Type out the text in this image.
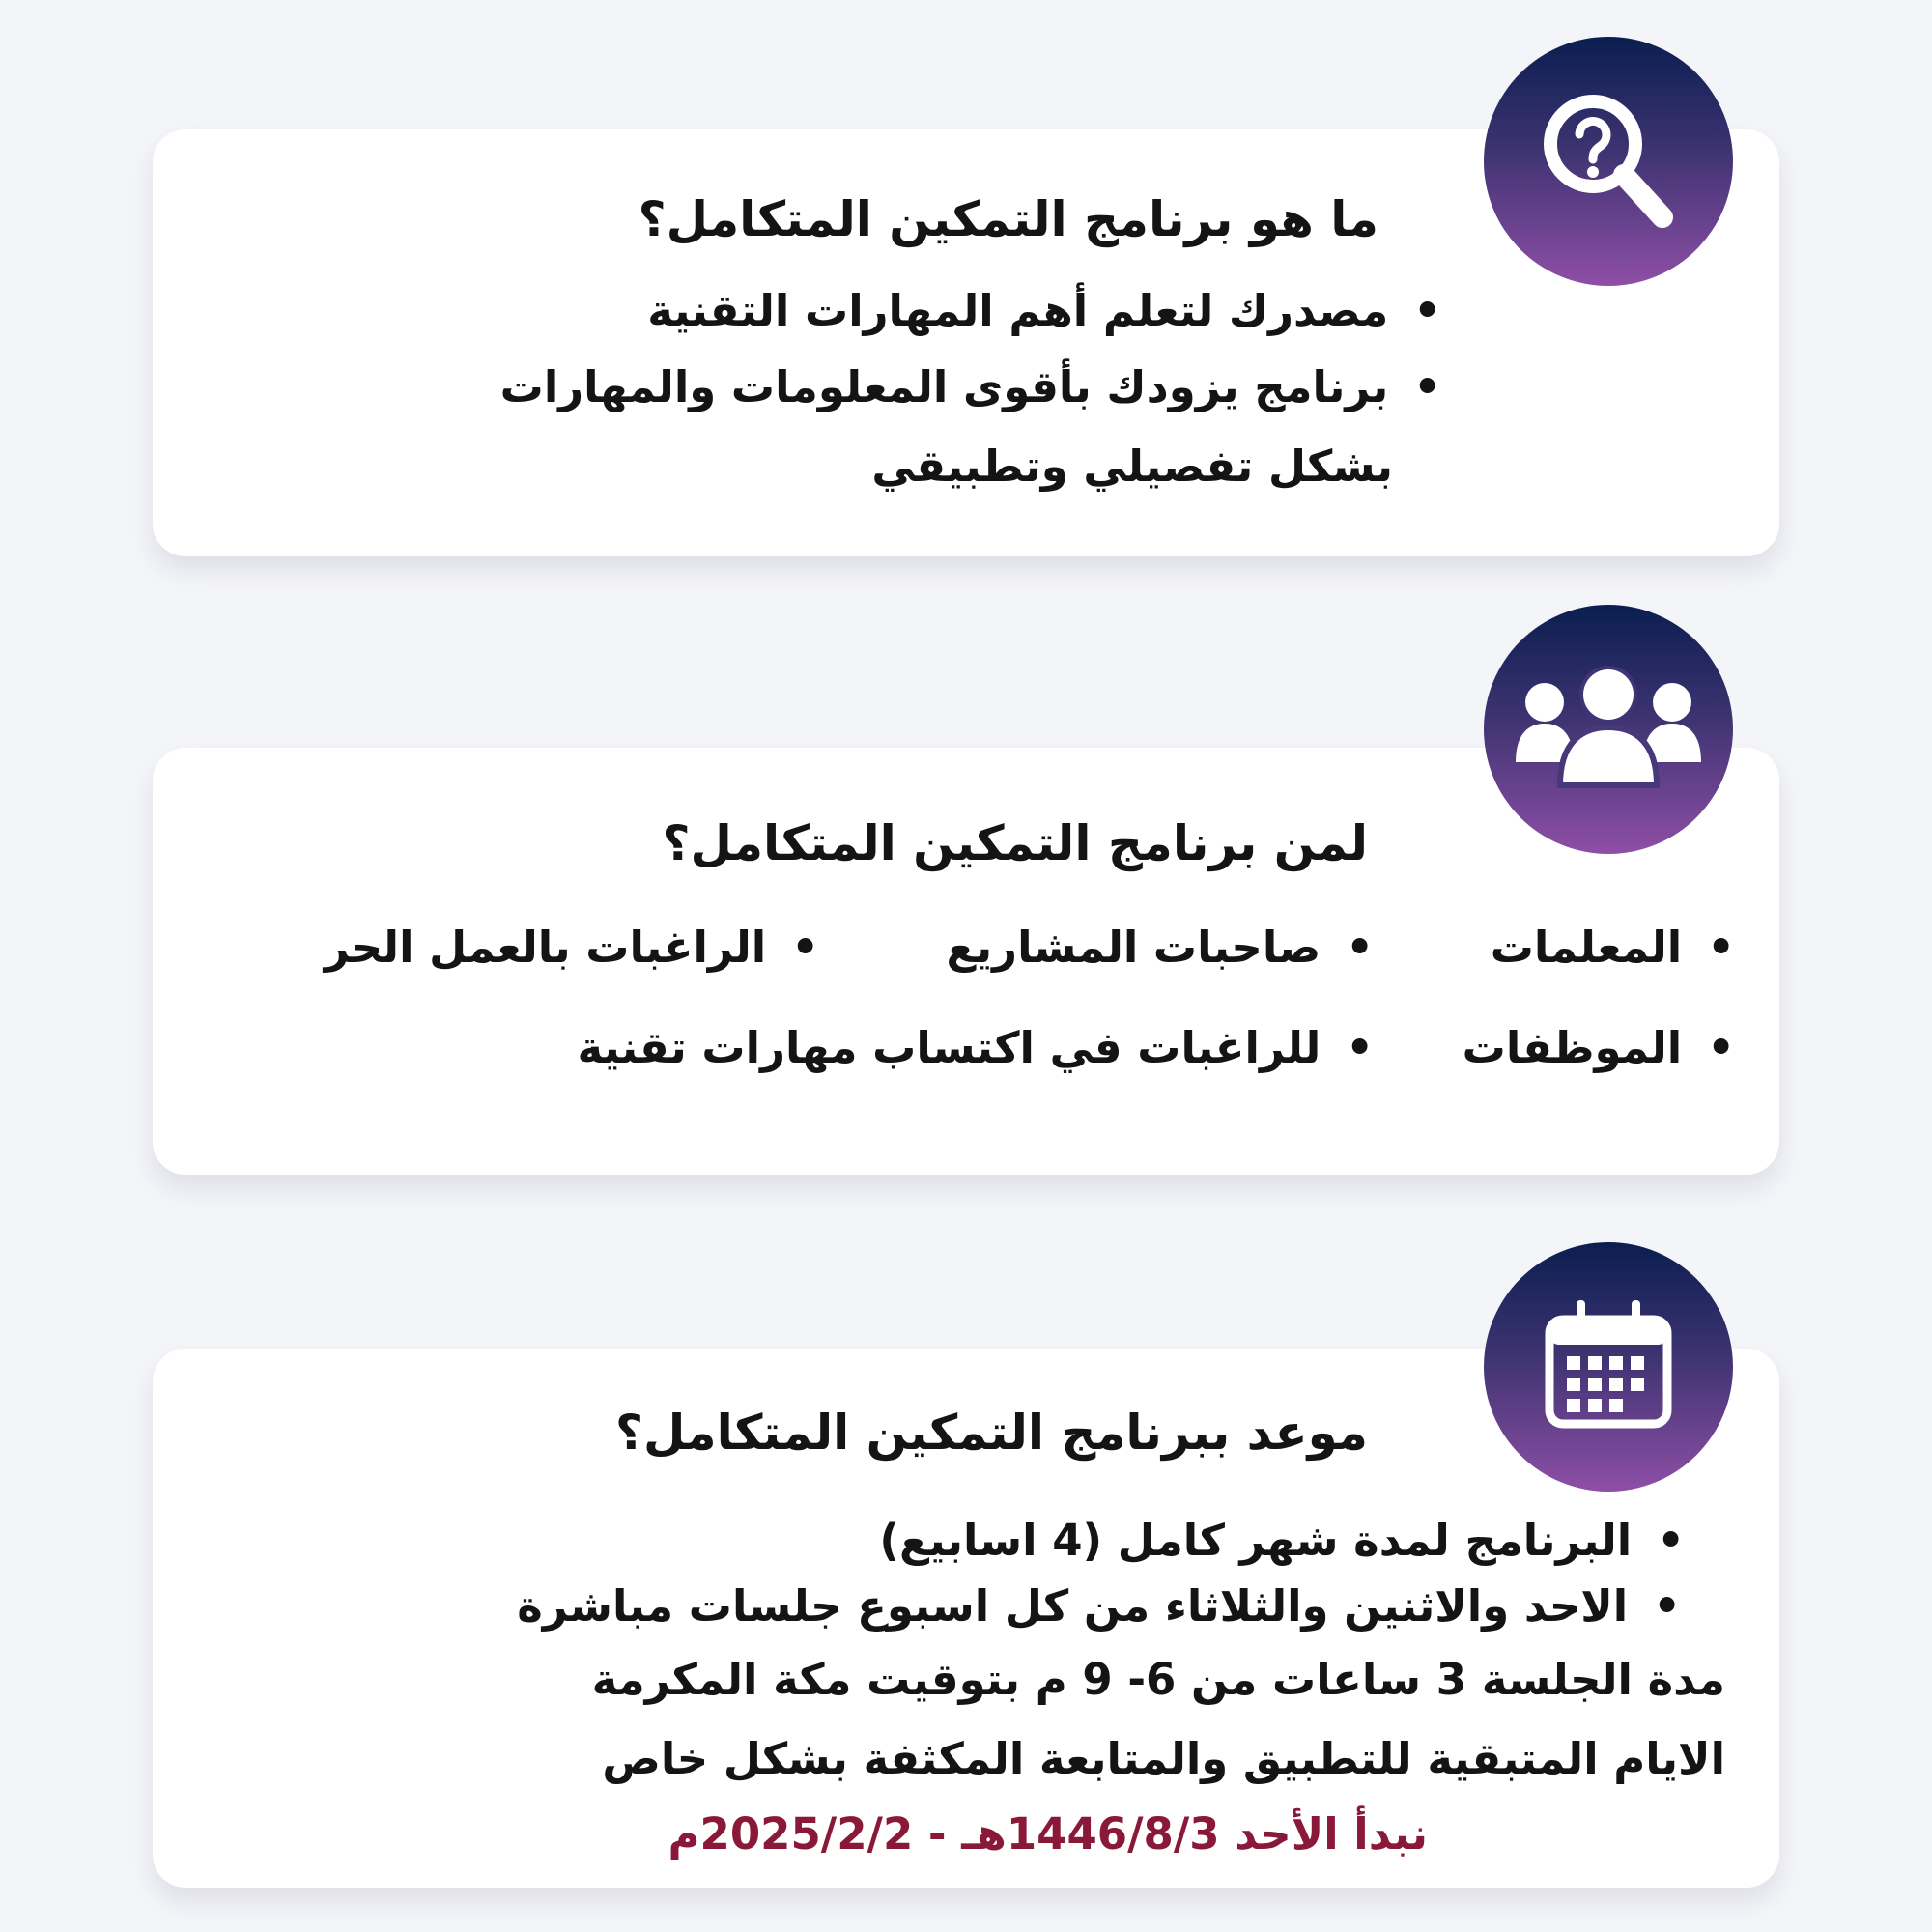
ما هو برنامج التمكين المتكامل؟
• مصدرك لتعلم أهم المهارات التقنية
• برنامج يزودك بأقوى المعلومات والمهارات
بشكل تفصيلي وتطبيقي
لمن برنامج التمكين المتكامل؟
• المعلمات
• صاحبات المشاريع
• الراغبات بالعمل الحر
• الموظفات
• للراغبات في اكتساب مهارات تقنية
موعد ببرنامج التمكين المتكامل؟
• البرنامج لمدة شهر كامل (4 اسابيع)
• الاحد والاثنين والثلاثاء من كل اسبوع جلسات مباشرة
مدة الجلسة 3 ساعات من 6- 9 م بتوقيت مكة المكرمة
الايام المتبقية للتطبيق والمتابعة المكثفة بشكل خاص
نبدأ الأحد 1446/8/3هـ - 2025/2/2م
